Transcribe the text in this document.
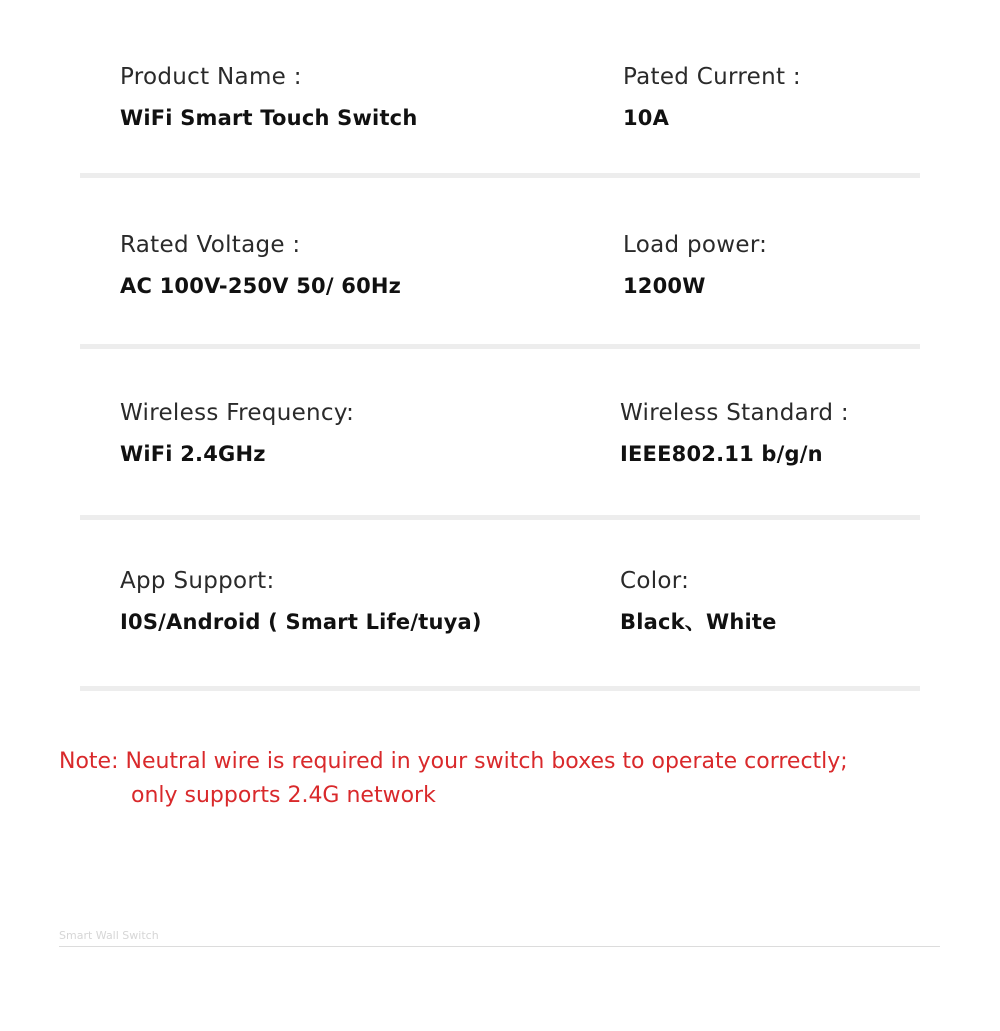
Product Name :
WiFi Smart Touch Switch
Pated Current :
10A
Rated Voltage :
AC 100V-250V 50/ 60Hz
Load power:
1200W
Wireless Frequency:
WiFi 2.4GHz
Wireless Standard :
IEEE802.11 b/g/n
App Support:
I0S/Android ( Smart Life/tuya)
Color:
Black、White
Note: Neutral wire is required in your switch boxes to operate correctly;
only supports 2.4G network
Smart Wall Switch
